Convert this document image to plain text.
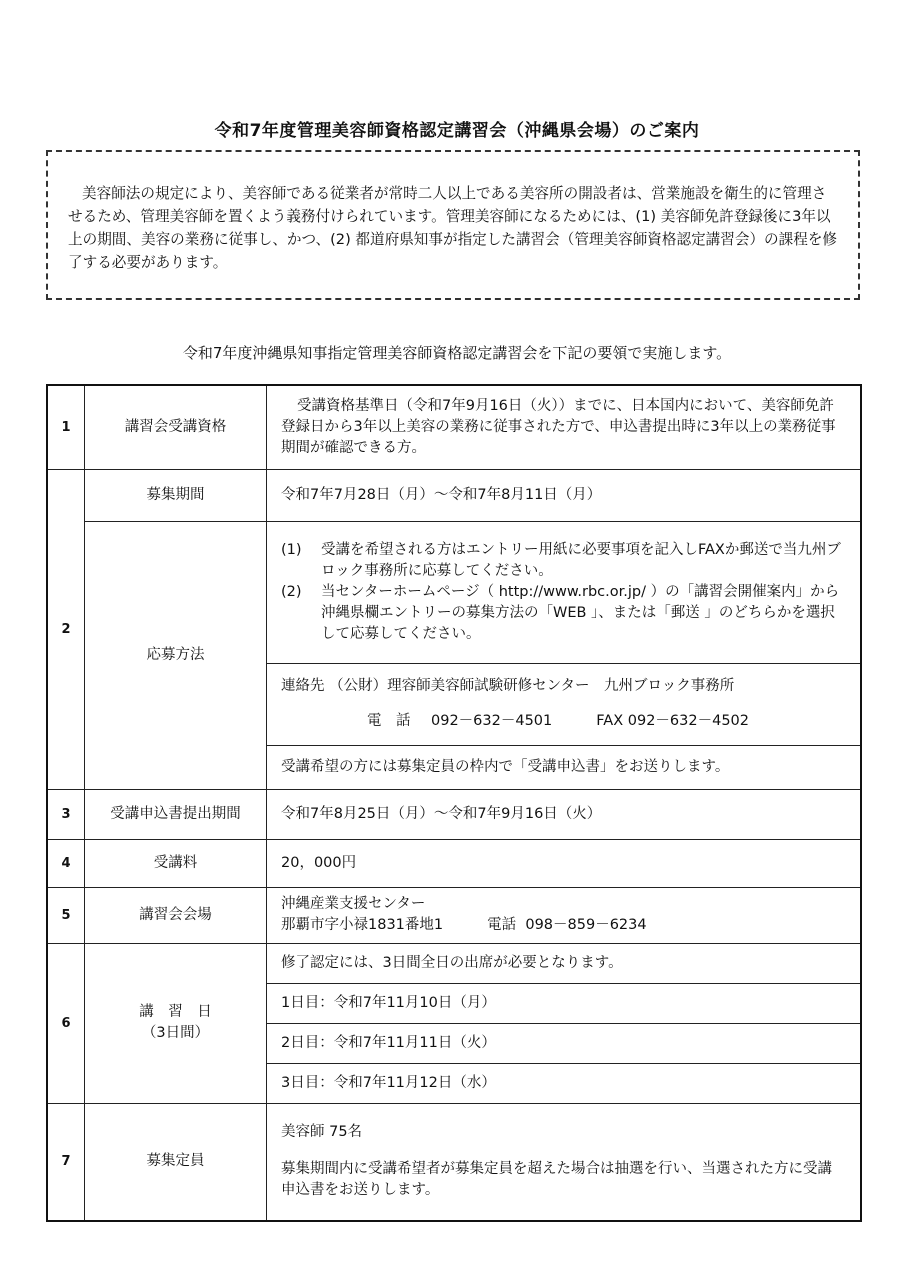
令和7年度管理美容師資格認定講習会（沖縄県会場）のご案内

美容師法の規定により、美容師である従業者が常時二人以上である美容所の開設者は、営業施設を衛生的に管理させるため、管理美容師を置くよう義務付けられています。管理美容師になるためには、(1) 美容師免許登録後に3年以上の期間、美容の業務に従事し、かつ、(2) 都道府県知事が指定した講習会（管理美容師資格認定講習会）の課程を修了する必要があります。

令和7年度沖縄県知事指定管理美容師資格認定講習会を下記の要領で実施します。
1	講習会受講資格	受講資格基準日（令和7年9月16日（火））までに、日本国内において、美容師免許登録日から3年以上美容の業務に従事された方で、申込書提出時に3年以上の業務従事期間が確認できる方。
2	募集期間	令和7年7月28日（月）～令和7年8月11日（月）
	応募方法	(1) 受講を希望される方はエントリー用紙に必要事項を記入しFAXか郵送で当九州ブロック事務所に応募してください。
(2) 当センターホームページ（ http://www.rbc.or.jp/ ）の「講習会開催案内」から沖縄県欄エントリーの募集方法の「WEB 」、または「郵送 」のどちらかを選択して応募してください。

		連絡先 （公財）理容師美容師試験研修センター　九州ブロック事務所
電　話 092－632－4501 FAX 092－632－4502

		受講希望の方には募集定員の枠内で「受講申込書」をお送りします。
3	受講申込書提出期間	令和7年8月25日（月）～令和7年9月16日（火）
4	受講料	20，000円
5	講習会会場	沖縄産業支援センター
那覇市字小禄1831番地1 電話 098－859－6234

6	講　習　日
（3日間）	修了認定には、3日間全日の出席が必要となります。
		1日目：令和7年11月10日（月）
		2日目：令和7年11月11日（火）
		3日目：令和7年11月12日（水）
7	募集定員	美容師 75名
募集期間内に受講希望者が募集定員を超えた場合は抽選を行い、当選された方に受講申込書をお送りします。
